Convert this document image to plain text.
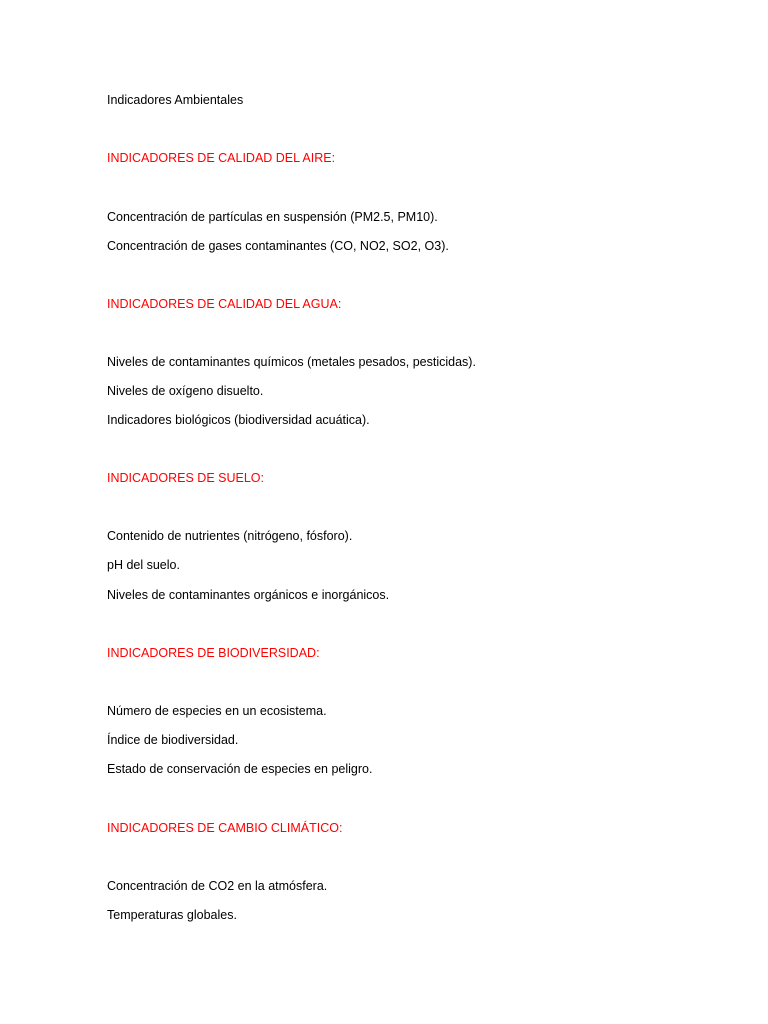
Indicadores Ambientales
INDICADORES DE CALIDAD DEL AIRE:
Concentración de partículas en suspensión (PM2.5, PM10).
Concentración de gases contaminantes (CO, NO2, SO2, O3).
INDICADORES DE CALIDAD DEL AGUA:
Niveles de contaminantes químicos (metales pesados, pesticidas).
Niveles de oxígeno disuelto.
Indicadores biológicos (biodiversidad acuática).
INDICADORES DE SUELO:
Contenido de nutrientes (nitrógeno, fósforo).
pH del suelo.
Niveles de contaminantes orgánicos e inorgánicos.
INDICADORES DE BIODIVERSIDAD:
Número de especies en un ecosistema.
Índice de biodiversidad.
Estado de conservación de especies en peligro.
INDICADORES DE CAMBIO CLIMÁTICO:
Concentración de CO2 en la atmósfera.
Temperaturas globales.
